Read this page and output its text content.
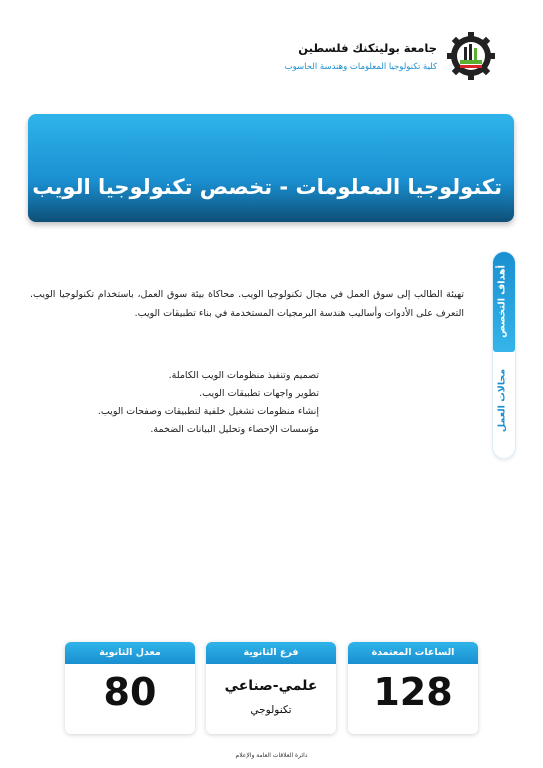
جامعة بوليتكنك فلسطين
كلية تكنولوجيا المعلومات وهندسة الحاسوب
تكنولوجيا المعلومات - تخصص تكنولوجيا الويب
أهداف التخصص
مجالات العمل
تهيئة الطالب إلى سوق العمل في مجال تكنولوجيا الويب. محاكاة بيئة سوق العمل، باستخدام تكنولوجيا الويب. التعرف على الأدوات وأساليب هندسة البرمجيات المستخدمة في بناء تطبيقات الويب.
تصميم وتنفيذ منظومات الويب الكاملة.
تطوير واجهات تطبيقات الويب.
إنشاء منظومات تشغيل خلفية لتطبيقات وصفحات الويب.
مؤسسات الإحصاء وتحليل البيانات الضخمة.
الساعات المعتمدة
128
فرع الثانوية
علمي-صناعي
تكنولوجي
معدل الثانوية
80
دائرة العلاقات العامة والإعلام
